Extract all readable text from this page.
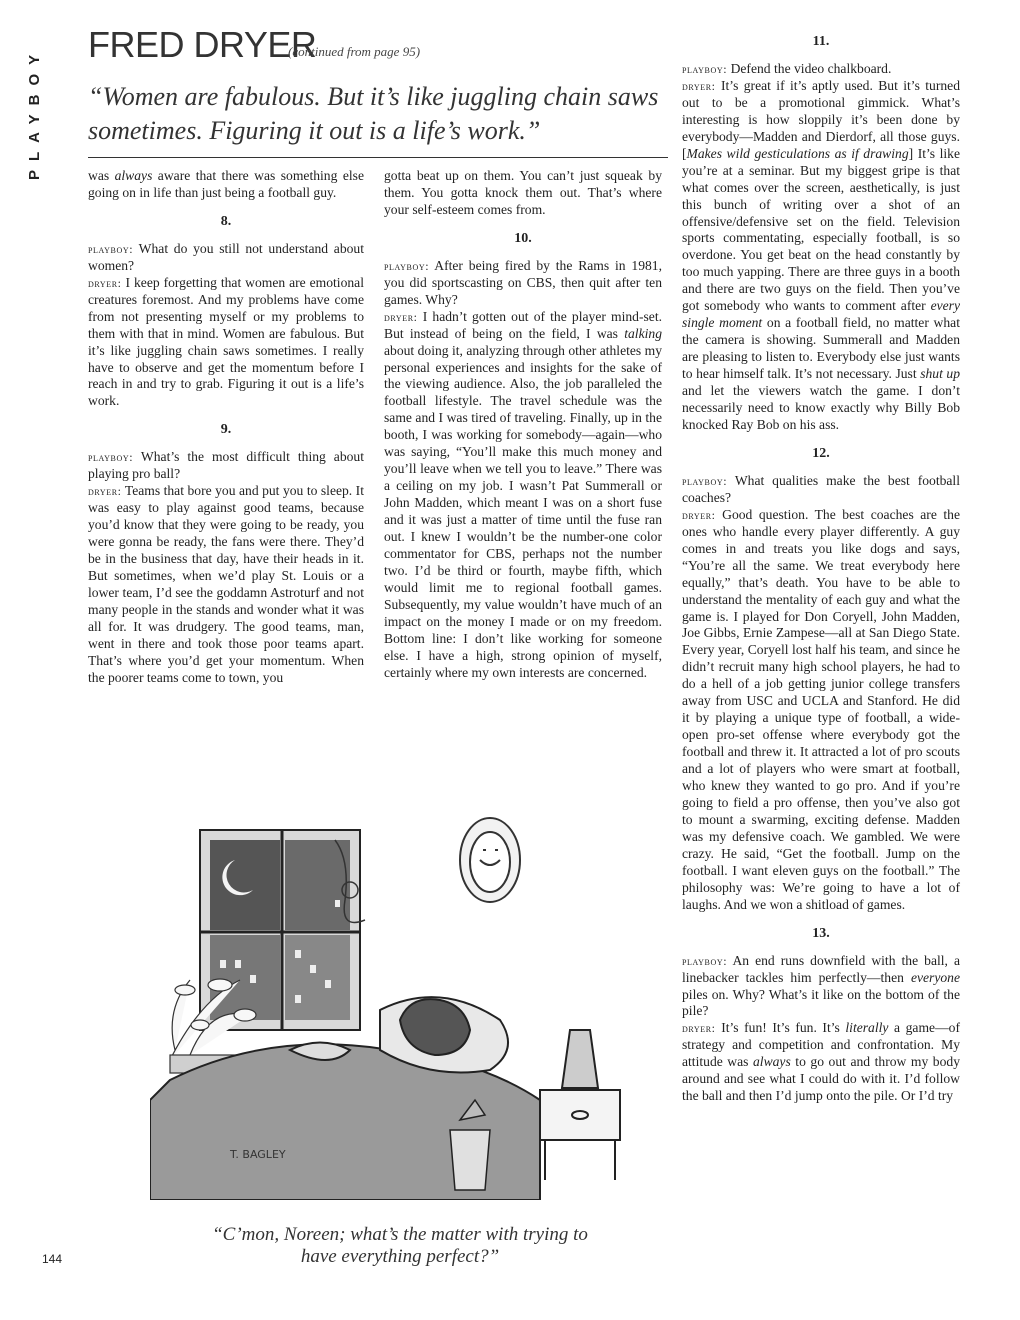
PLAYBOY
FRED DRYER
(continued from page 95)
“Women are fabulous. But it’s like juggling chain saws sometimes. Figuring it out is a life’s work.”

was always aware that there was something else going on in life than just being a football guy.

8.

playboy: What do you still not understand about women?

dryer: I keep forgetting that women are emotional creatures foremost. And my problems have come from not presenting myself or my problems to them with that in mind. Women are fabulous. But it’s like juggling chain saws sometimes. I really have to observe and get the momentum before I reach in and try to grab. Figuring it out is a life’s work.

9.

playboy: What’s the most difficult thing about playing pro ball?

dryer: Teams that bore you and put you to sleep. It was easy to play against good teams, because you’d know that they were going to be ready, you were gonna be ready, the fans were there. They’d be in the business that day, have their heads in it. But sometimes, when we’d play St. Louis or a lower team, I’d see the goddamn Astroturf and not many people in the stands and wonder what it was all for. It was drudgery. The good teams, man, went in there and took those poor teams apart. That’s where you’d get your momentum. When the poorer teams come to town, you

gotta beat up on them. You can’t just squeak by them. You gotta knock them out. That’s where your self-esteem comes from.

10.

playboy: After being fired by the Rams in 1981, you did sportscasting on CBS, then quit after ten games. Why?

dryer: I hadn’t gotten out of the player mind-set. But instead of being on the field, I was talking about doing it, analyzing through other athletes my personal experiences and insights for the sake of the viewing audience. Also, the job paralleled the football lifestyle. The travel schedule was the same and I was tired of traveling. Finally, up in the booth, I was working for somebody—again—who was saying, “You’ll make this much money and you’ll leave when we tell you to leave.” There was a ceiling on my job. I wasn’t Pat Summerall or John Madden, which meant I was on a short fuse and it was just a matter of time until the fuse ran out. I knew I wouldn’t be the number-one color commentator for CBS, perhaps not the number two. I’d be third or fourth, maybe fifth, which would limit me to regional football games. Subsequently, my value wouldn’t have much of an impact on the money I made or on my freedom. Bottom line: I don’t like working for someone else. I have a high, strong opinion of myself, certainly where my own interests are concerned.

11.

playboy: Defend the video chalkboard.

dryer: It’s great if it’s aptly used. But it’s turned out to be a promotional gimmick. What’s interesting is how sloppily it’s been done by everybody—Madden and Dierdorf, all those guys. [Makes wild gesticulations as if drawing] It’s like you’re at a seminar. But my biggest gripe is that what comes over the screen, aesthetically, is just this bunch of writing over a shot of an offensive/defensive set on the field. Television sports commentating, especially football, is so overdone. You get beat on the head constantly by too much yapping. There are three guys in a booth and there are two guys on the field. Then you’ve got somebody who wants to comment after every single moment on a football field, no matter what the camera is showing. Summerall and Madden are pleasing to listen to. Everybody else just wants to hear himself talk. It’s not necessary. Just shut up and let the viewers watch the game. I don’t necessarily need to know exactly why Billy Bob knocked Ray Bob on his ass.

12.

playboy: What qualities make the best football coaches?

dryer: Good question. The best coaches are the ones who handle every player differently. A guy comes in and treats you like dogs and says, “You’re all the same. We treat everybody here equally,” that’s death. You have to be able to understand the mentality of each guy and what the game is. I played for Don Coryell, John Madden, Joe Gibbs, Ernie Zampese—all at San Diego State. Every year, Coryell lost half his team, and since he didn’t recruit many high school players, he had to do a hell of a job getting junior college transfers away from USC and UCLA and Stanford. He did it by playing a unique type of football, a wide-open pro-set offense where everybody got the football and threw it. It attracted a lot of pro scouts and a lot of players who were smart at football, who knew they wanted to go pro. And if you’re going to field a pro offense, then you’ve also got to mount a swarming, exciting defense. Madden was my defensive coach. We gambled. We were crazy. He said, “Get the football. Jump on the football. I want eleven guys on the football.” The philosophy was: We’re going to have a lot of laughs. And we won a shitload of games.

13.

playboy: An end runs downfield with the ball, a linebacker tackles him perfectly—then everyone piles on. Why? What’s it like on the bottom of the pile?

dryer: It’s fun! It’s fun. It’s literally a game—of strategy and competition and confrontation. My attitude was always to go out and throw my body around and see what I could do with it. I’d follow the ball and then I’d jump onto the pile. Or I’d try

T. BAGLEY
“C’mon, Noreen; what’s the matter with trying to
have everything perfect?”
144
